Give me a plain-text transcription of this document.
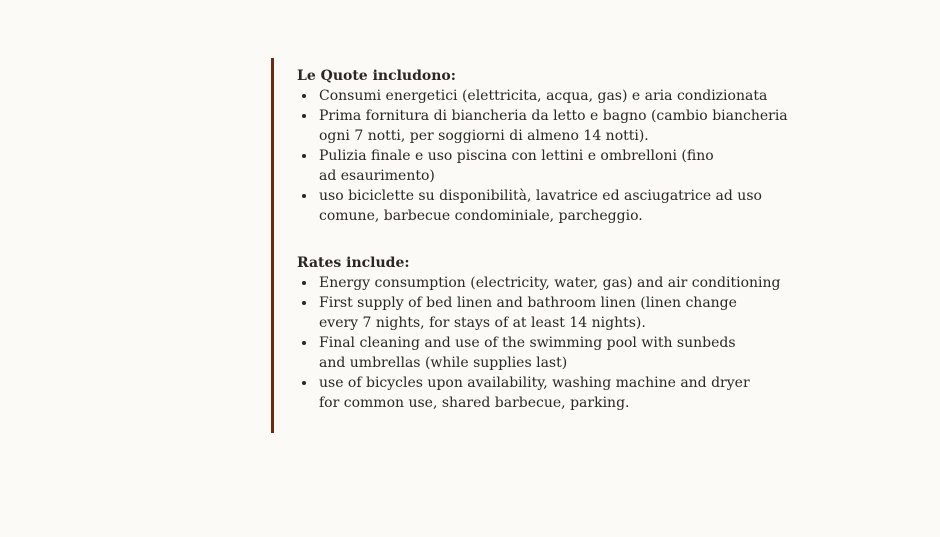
Le Quote includono:

Consumi energetici (elettricita, acqua, gas) e aria condizionata
Prima fornitura di biancheria da letto e bagno (cambio biancheria ogni 7 notti, per soggiorni di almeno 14 notti).
Pulizia finale e uso piscina con lettini e ombrelloni (fino ad esaurimento)
uso biciclette su disponibilità, lavatrice ed asciugatrice ad uso comune, barbecue condominiale, parcheggio.

Rates include:

Energy consumption (electricity, water, gas) and air conditioning
First supply of bed linen and bathroom linen (linen change every 7 nights, for stays of at least 14 nights).
Final cleaning and use of the swimming pool with sunbeds and umbrellas (while supplies last)
use of bicycles upon availability, washing machine and dryer for common use, shared barbecue, parking.
